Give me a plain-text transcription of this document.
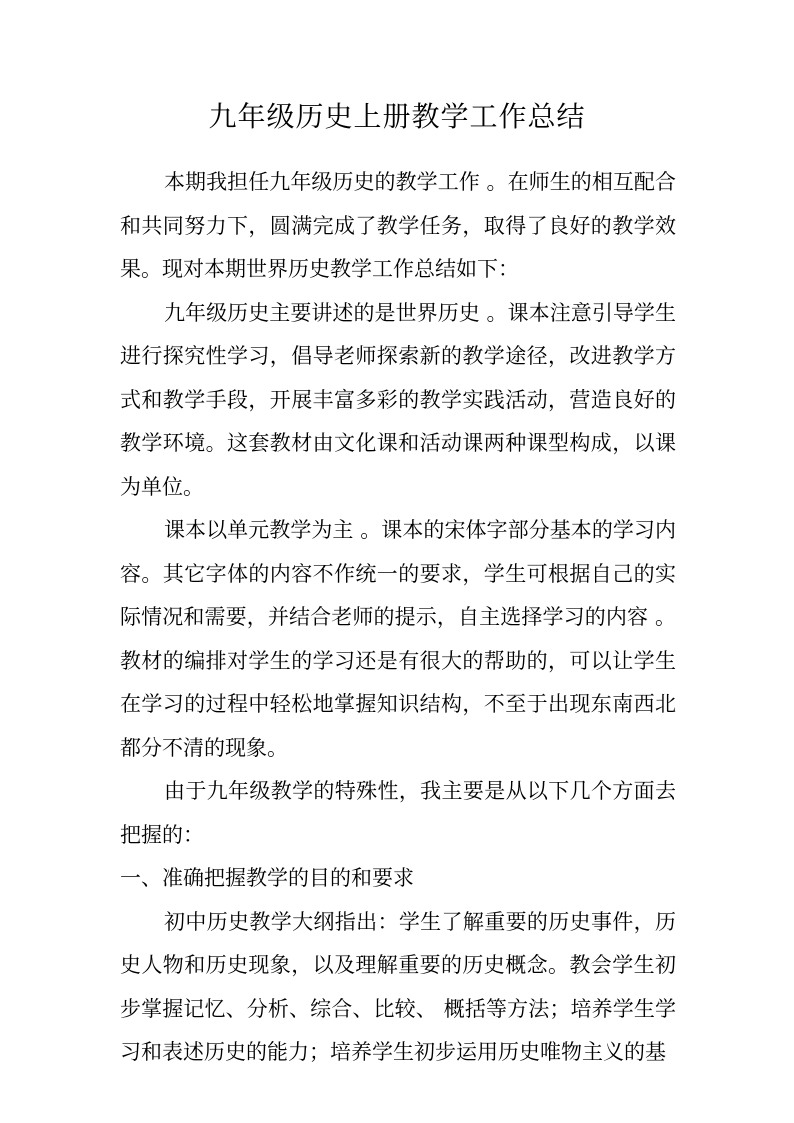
九年级历史上册教学工作总结

本期我担任九年级历史的教学工作 。在师生的相互配合和共同努力下，圆满完成了教学任务，取得了良好的教学效果。现对本期世界历史教学工作总结如下：

九年级历史主要讲述的是世界历史 。课本注意引导学生进行探究性学习，倡导老师探索新的教学途径，改进教学方式和教学手段，开展丰富多彩的教学实践活动，营造良好的教学环境。这套教材由文化课和活动课两种课型构成，以课为单位。

课本以单元教学为主 。课本的宋体字部分基本的学习内容。其它字体的内容不作统一的要求，学生可根据自己的实际情况和需要，并结合老师的提示，自主选择学习的内容 。教材的编排对学生的学习还是有很大的帮助的，可以让学生在学习的过程中轻松地掌握知识结构，不至于出现东南西北都分不清的现象。

由于九年级教学的特殊性，我主要是从以下几个方面去把握的：

一、准确把握教学的目的和要求

初中历史教学大纲指出：学生了解重要的历史事件，历史人物和历史现象，以及理解重要的历史概念。教会学生初步掌握记忆、分析、综合、比较、 概括等方法；培养学生学习和表述历史的能力；培养学生初步运用历史唯物主义的基
